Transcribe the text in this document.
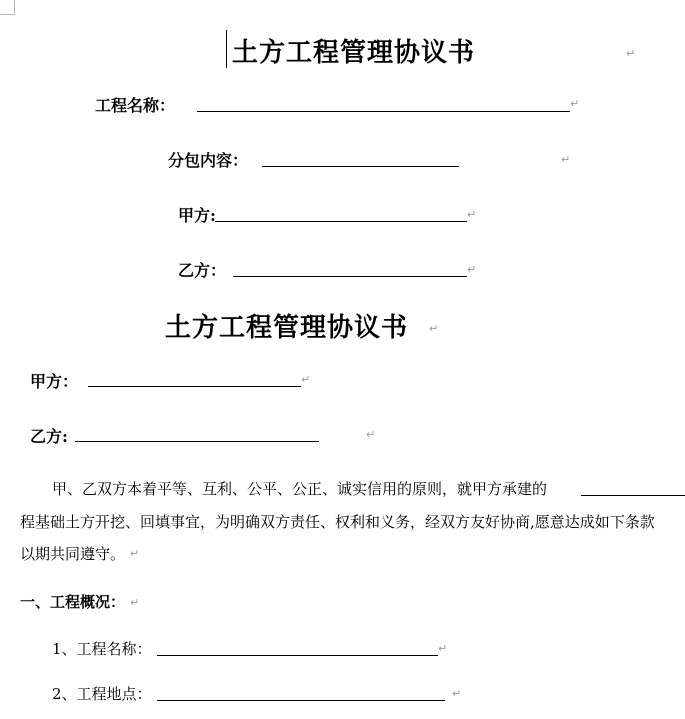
土方工程管理协议书	↵
工程名称：	↵
分包内容：	↵
甲方:	↵
乙方：	↵
土方工程管理协议书 ↵
甲方：	↵
乙方:	↵
甲、乙双方本着平等、互利、公平、公正、诚实信用的原则，就甲方承建的
程基础土方开挖、回填事宜，为明确双方责任、权利和义务，经双方友好协商,愿意达成如下条款
以期共同遵守。 ↵
一、工程概况： ↵
1、工程名称：	↵
2、工程地点：	↵
